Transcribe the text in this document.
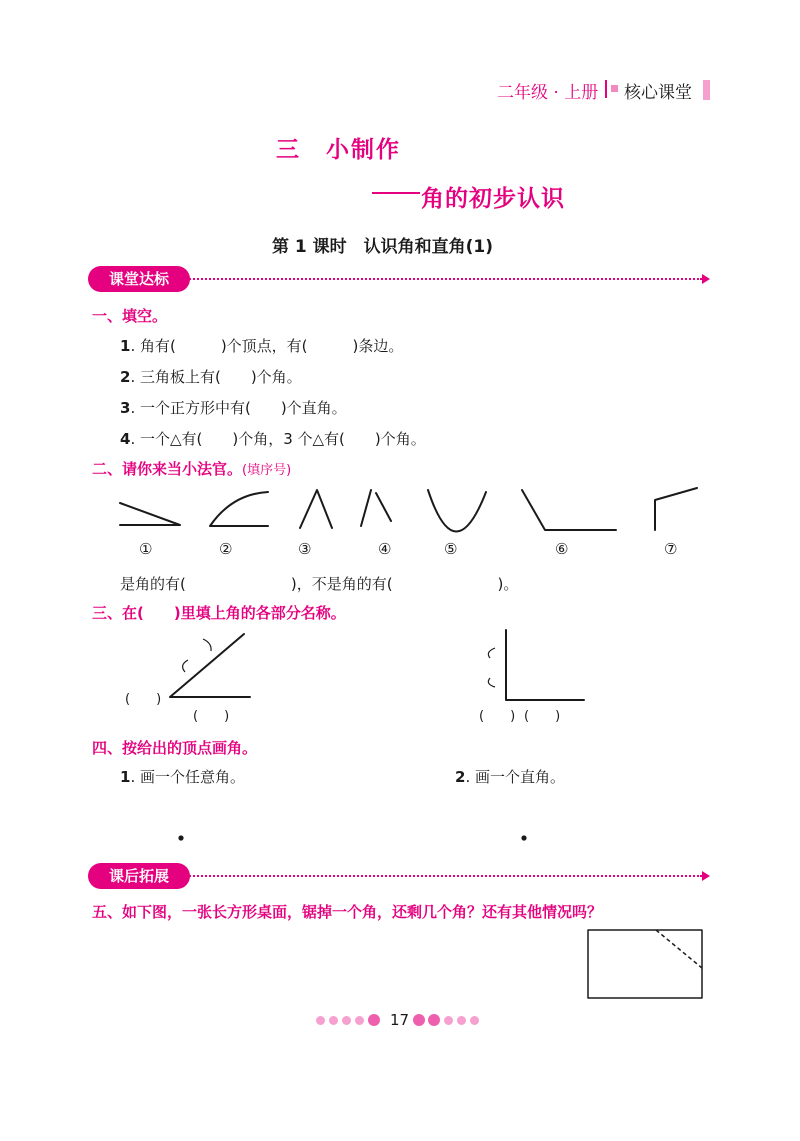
二年级 · 上册 核心课堂
三　小制作
角的初步认识
第 1 课时　认识角和直角(1)
课堂达标
一、填空。
1. 角有(　　　)个顶点，有(　　　)条边。
2. 三角板上有(　　)个角。
3. 一个正方形中有(　　)个直角。
4. 一个△有(　　)个角，3 个△有(　　)个角。
二、请你来当小法官。(填序号)
①	②	③	④	⑤	⑥	⑦
是角的有(　　　　　　　)，不是角的有(　　　　　　　)。
三、在(　　)里填上角的各部分名称。
(　　)
(　　)	(　　) (　　)
四、按给出的顶点画角。
1. 画一个任意角。	2. 画一个直角。
课后拓展
五、如下图，一张长方形桌面，锯掉一个角，还剩几个角？还有其他情况吗？
17
